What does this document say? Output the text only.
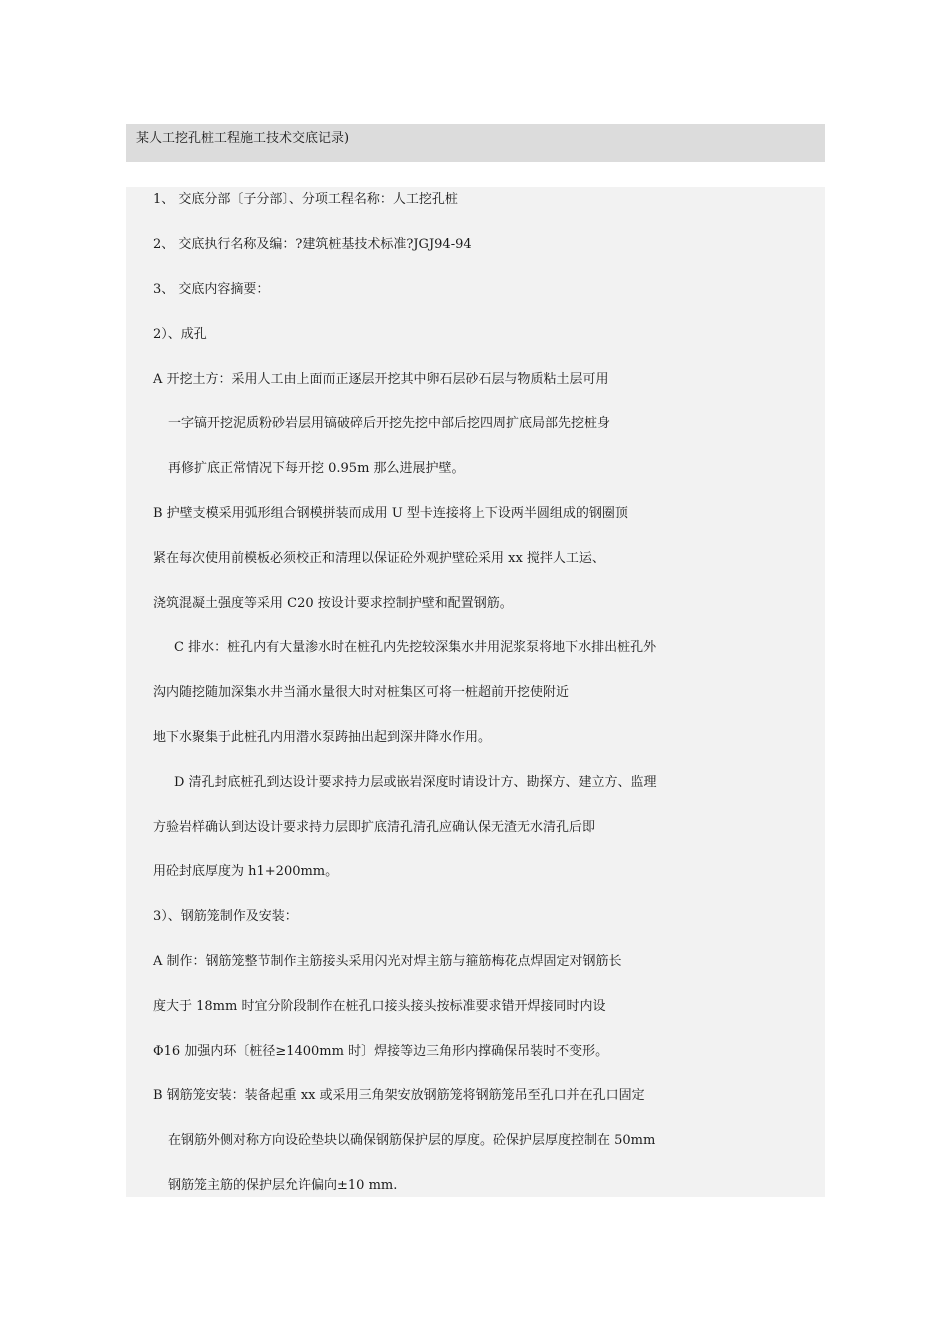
某人工挖孔桩工程施工技术交底记录)
1、 交底分部〔子分部〕、分项工程名称：人工挖孔桩
2、 交底执行名称及编：?建筑桩基技术标准?JGJ94-94
3、 交底内容摘要：
2）、成孔
A 开挖土方：采用人工由上面而正逐层开挖其中卵石层砂石层与物质粘土层可用
一字镐开挖泥质粉砂岩层用镐破碎后开挖先挖中部后挖四周扩底局部先挖桩身
再修扩底正常情况下每开挖 0.95m 那么进展护壁。
B 护壁支模采用弧形组合钢模拼装而成用 U 型卡连接将上下设两半圆组成的钢圈顶
紧在每次使用前模板必须校正和清理以保证砼外观护壁砼采用 xx 搅拌人工运、
浇筑混凝土强度等采用 C20 按设计要求控制护壁和配置钢筋。
C 排水：桩孔内有大量渗水时在桩孔内先挖较深集水井用泥浆泵将地下水排出桩孔外
沟内随挖随加深集水井当涌水量很大时对桩集区可将一桩超前开挖使附近
地下水聚集于此桩孔内用潜水泵踌抽出起到深井降水作用。
D 清孔封底桩孔到达设计要求持力层或嵌岩深度时请设计方、勘探方、建立方、监理
方验岩样确认到达设计要求持力层即扩底清孔清孔应确认保无渣无水清孔后即
用砼封底厚度为 h1+200mm。
3）、钢筋笼制作及安装：
A 制作：钢筋笼整节制作主筋接头采用闪光对焊主筋与箍筋梅花点焊固定对钢筋长
度大于 18mm 时宜分阶段制作在桩孔口接头接头按标准要求错开焊接同时内设
Φ16 加强内环〔桩径≥1400mm 时〕焊接等边三角形内撑确保吊装时不变形。
B 钢筋笼安装：装备起重 xx 或采用三角架安放钢筋笼将钢筋笼吊至孔口并在孔口固定
在钢筋外侧对称方向设砼垫块以确保钢筋保护层的厚度。砼保护层厚度控制在 50mm
钢筋笼主筋的保护层允许偏向±10 mm.
